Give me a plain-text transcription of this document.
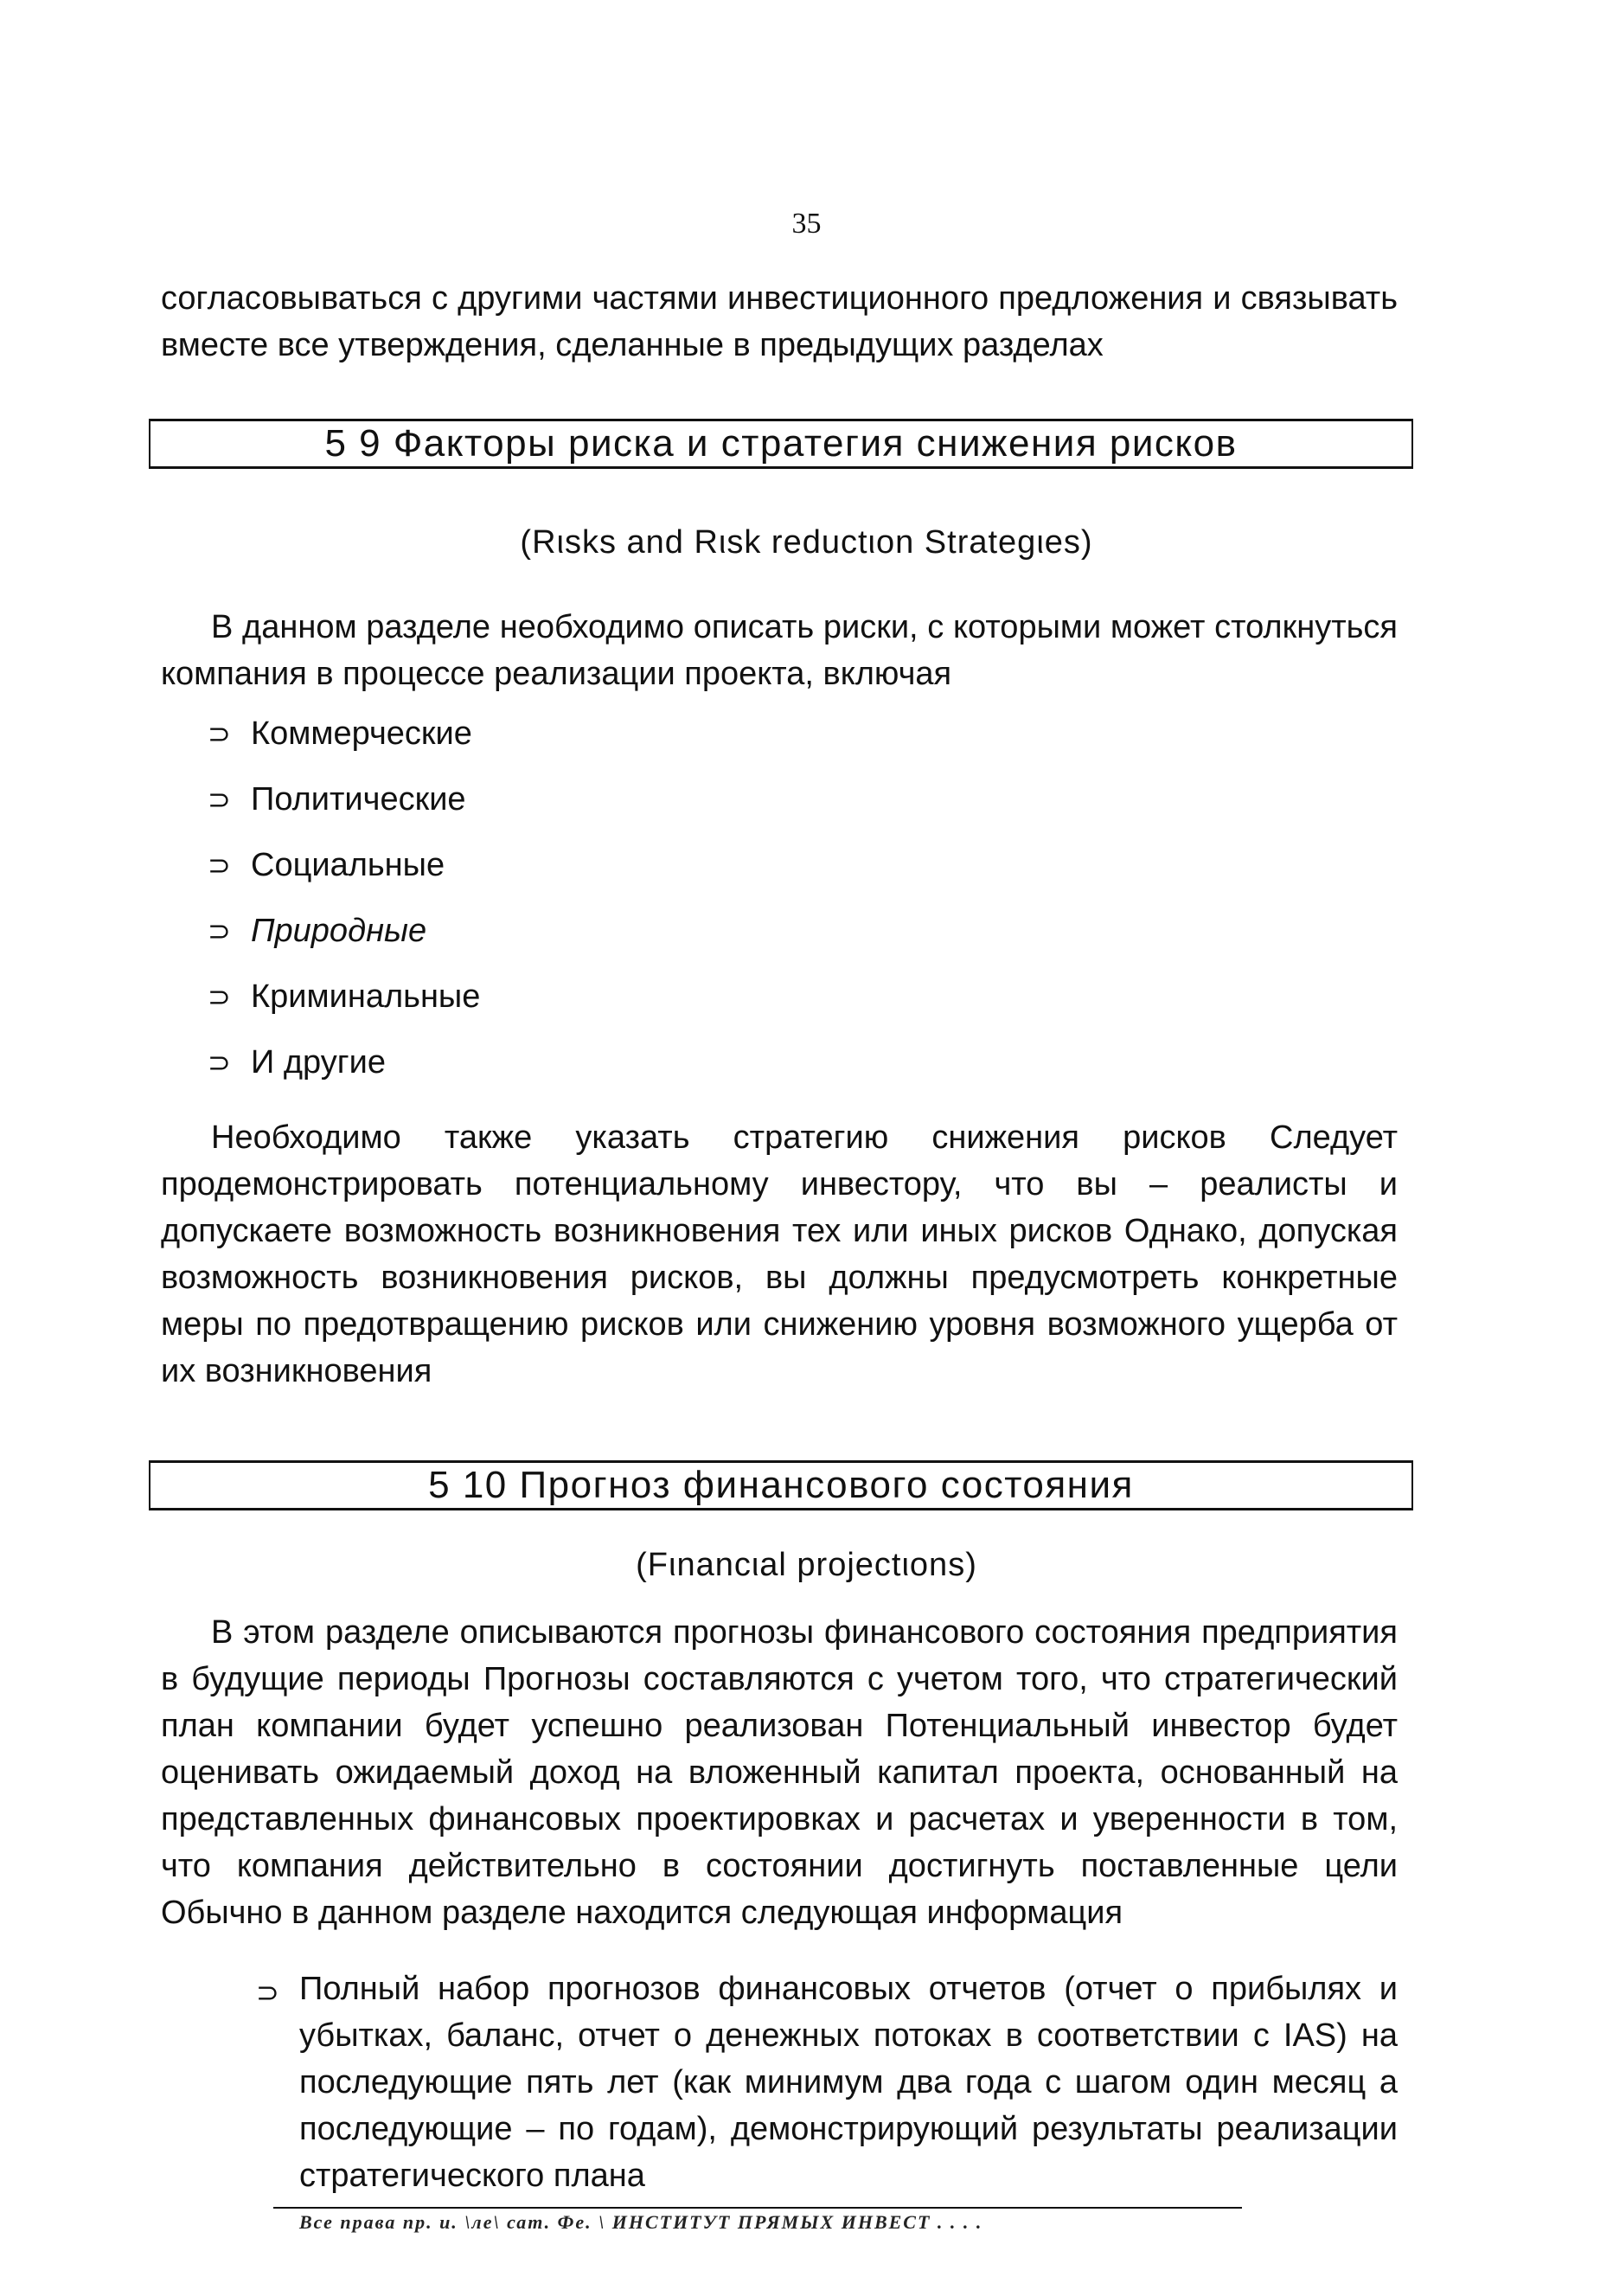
35
согласовываться с другими частями инвестиционного предложения и связывать вместе все утверждения, сделанные в предыдущих разделах
5 9 Факторы риска и стратегия снижения рисков
(Rιsks and Rιsk reductιon Strategιes)
В данном разделе необходимо описать риски, с которыми может столкнуться компания в процессе реализации проекта, включая
⊃ Коммерческие
⊃ Политические
⊃ Социальные
⊃ Природные
⊃ Криминальные
⊃ И другие
Необходимо также указать стратегию снижения рисков Следует продемонстрировать потенциальному инвестору, что вы – реалисты и допускаете возможность возникновения тех или иных рисков Однако, допуская возможность возникновения рисков, вы должны предусмотреть конкретные меры по предотвращению рисков или снижению уровня возможного ущерба от их возникновения
5 10 Прогноз финансового состояния
(Fιnancιal projectιons)
В этом разделе описываются прогнозы финансового состояния предприятия в будущие периоды Прогнозы составляются с учетом того, что стратегический план компании будет успешно реализован Потенциальный инвестор будет оценивать ожидаемый доход на вложенный капитал проекта, основанный на представленных финансовых проектировках и расчетах и уверенности в том, что компания действительно в состоянии достигнуть поставленные цели Обычно в данном разделе находится следующая информация
⊃ Полный набор прогнозов финансовых отчетов (отчет о прибылях и убытках, баланс, отчет о денежных потоках в соответствии с IAS) на последующие пять лет (как минимум два года с шагом один месяц а последующие – по годам), демонстрирующий результаты реализации стратегического плана
Все права пр. и. \ле\ сат. Фе. \ ИНСТИТУТ ПРЯМЫХ ИНВЕСТ . . . .
